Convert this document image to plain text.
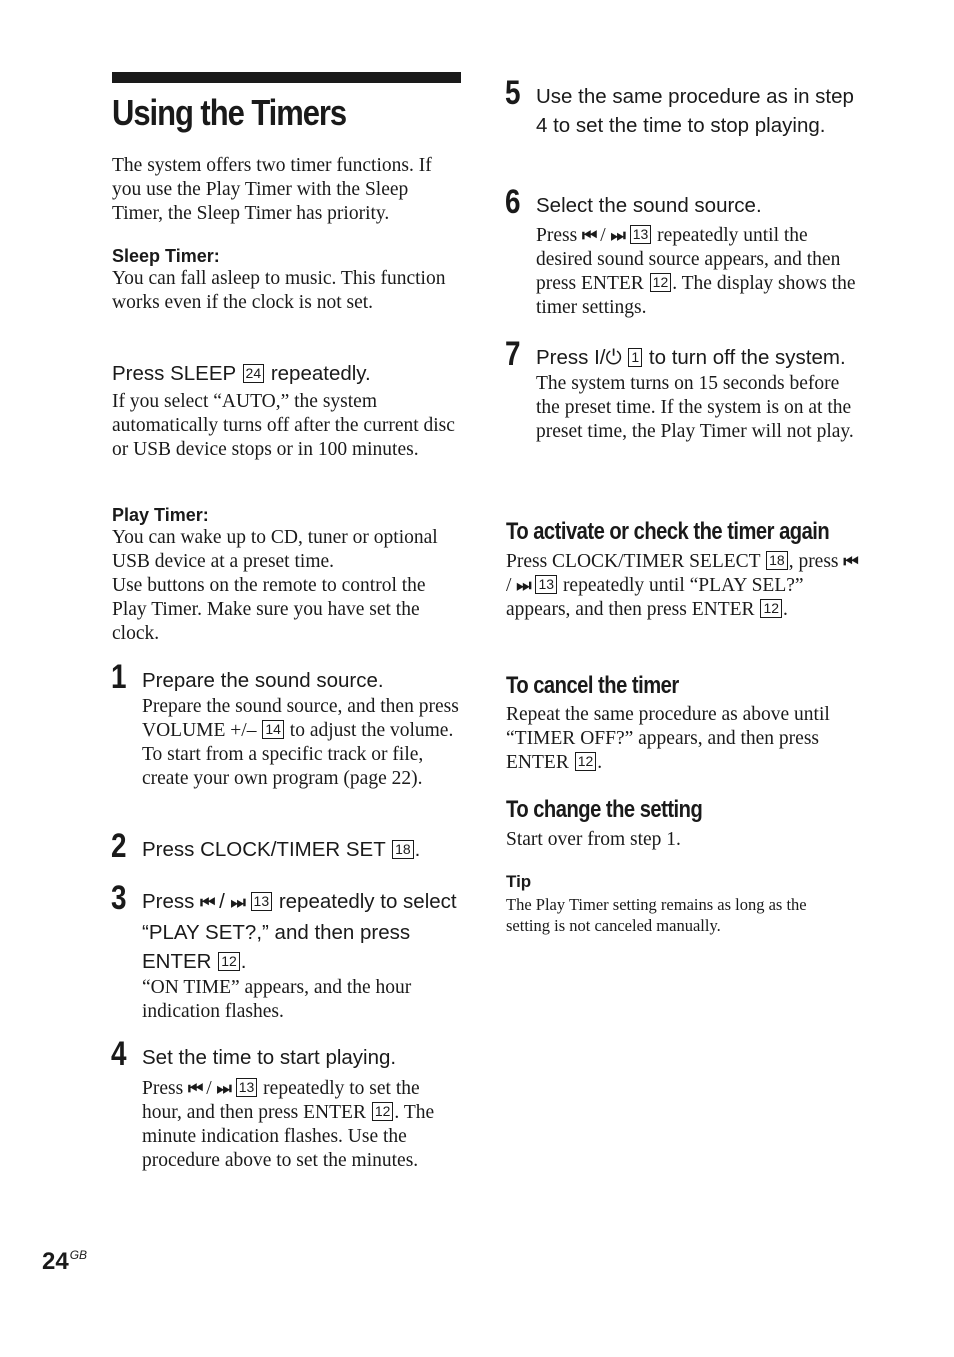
Using the Timers

The system offers two timer functions. If you use the Play Timer with the Sleep Timer, the Sleep Timer has priority.

Sleep Timer:

You can fall asleep to music. This function works even if the clock is not set.

Press SLEEP 24 repeatedly.

If you select “AUTO,” the system automatically turns off after the current disc or USB device stops or in 100 minutes.

Play Timer:

You can wake up to CD, tuner or optional USB device at a preset time.

Use buttons on the remote to control the Play Timer. Make sure you have set the clock.

1 Prepare the sound source.

Prepare the sound source, and then press VOLUME +/– 14 to adjust the volume.

To start from a specific track or file, create your own program (page 22).

2 Press CLOCK/TIMER SET 18 .
3 Press ⏮ / ⏭ 13 repeatedly to select “PLAY SET?,” and then press ENTER 12 .

“ON TIME” appears, and the hour indication flashes.

4 Set the time to start playing.

Press ⏮ / ⏭ 13 repeatedly to set the hour, and then press ENTER 12 . The minute indication flashes. Use the procedure above to set the minutes.

5 Use the same procedure as in step 4 to set the time to stop playing.
6 Select the sound source.

Press ⏮ / ⏭ 13 repeatedly until the desired sound source appears, and then press ENTER 12 . The display shows the timer settings.

7 Press I/⏻ 1 to turn off the system.

The system turns on 15 seconds before the preset time. If the system is on at the preset time, the Play Timer will not play.

To activate or check the timer again

Press CLOCK/TIMER SELECT 18 , press ⏮ / ⏭ 13 repeatedly until “PLAY SEL?” appears, and then press ENTER 12 .

To cancel the timer

Repeat the same procedure as above until “TIMER OFF?” appears, and then press ENTER 12 .

To change the setting

Start over from step 1.

Tip

The Play Timer setting remains as long as the setting is not canceled manually.

$24^{GB}$
